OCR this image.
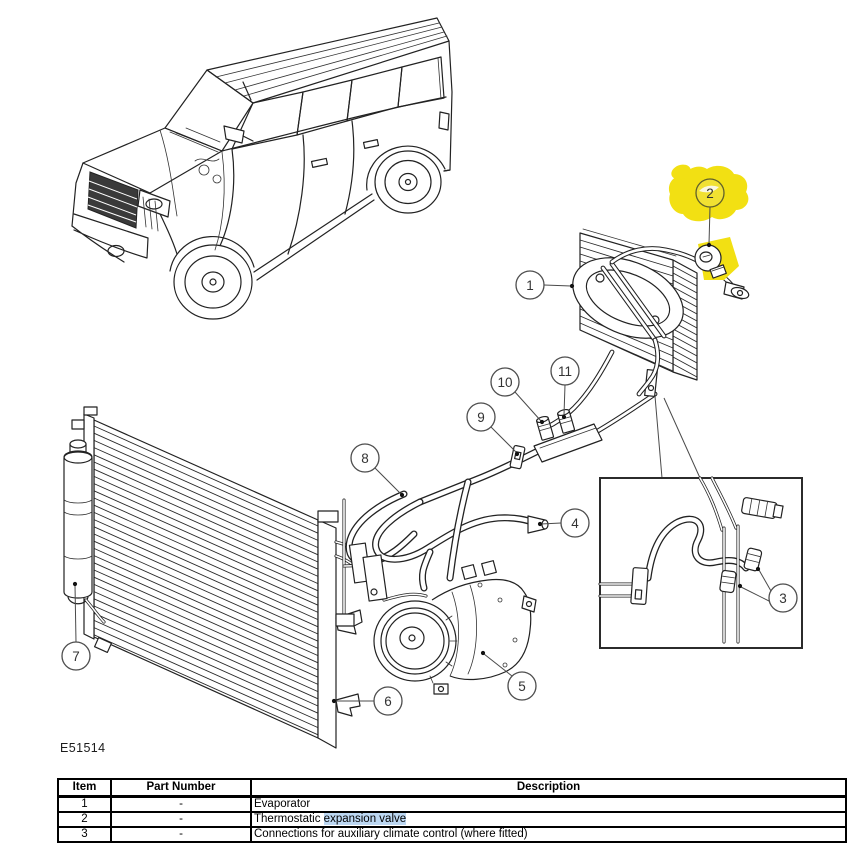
1
2
3
4
5
6
7
8
9
10
11
E51514
Item	Part Number	Description
1	-	Evaporator
2	-	Thermostatic expansion valve
3	-	Connections for auxiliary climate control (where fitted)
